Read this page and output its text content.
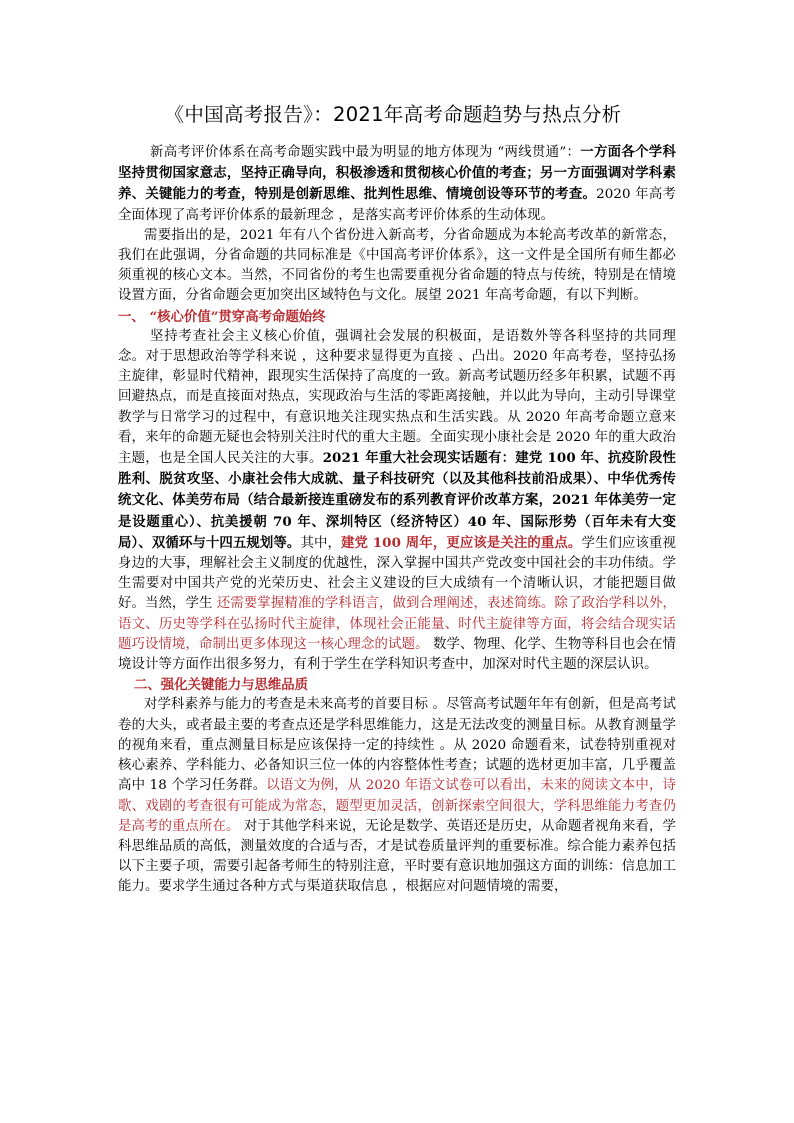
《中国高考报告》：2021年高考命题趋势与热点分析

新高考评价体系在高考命题实践中最为明显的地方体现为 “两线贯通”：一方面各个学科坚持贯彻国家意志，坚持正确导向，积极渗透和贯彻核心价值的考查；另一方面强调对学科素养、关键能力的考查，特别是创新思维、批判性思维、情境创设等环节的考查。2020 年高考全面体现了高考评价体系的最新理念 ，是落实高考评价体系的生动体现。

需要指出的是，2021 年有八个省份进入新高考，分省命题成为本轮高考改革的新常态，我们在此强调，分省命题的共同标准是《中国高考评价体系》，这一文件是全国所有师生都必须重视的核心文本。当然，不同省份的考生也需要重视分省命题的特点与传统，特别是在情境设置方面，分省命题会更加突出区域特色与文化。展望 2021 年高考命题，有以下判断。

一、 “核心价值”贯穿高考命题始终

坚持考查社会主义核心价值，强调社会发展的积极面，是语数外等各科坚持的共同理念。对于思想政治等学科来说 ，这种要求显得更为直接 、凸出。2020 年高考卷，坚持弘扬主旋律，彰显时代精神，跟现实生活保持了高度的一致。新高考试题历经多年积累，试题不再回避热点，而是直接面对热点，实现政治与生活的零距离接触，并以此为导向，主动引导课堂教学与日常学习的过程中，有意识地关注现实热点和生活实践。从 2020 年高考命题立意来看，来年的命题无疑也会特别关注时代的重大主题。全面实现小康社会是 2020 年的重大政治主题，也是全国人民关注的大事。2021 年重大社会现实话题有：建党 100 年、抗疫阶段性胜利、脱贫攻坚、小康社会伟大成就、量子科技研究（以及其他科技前沿成果）、中华优秀传统文化、体美劳布局（结合最新接连重磅发布的系列教育评价改革方案，2021 年体美劳一定是设题重心）、抗美援朝 70 年、深圳特区（经济特区）40 年、国际形势（百年未有大变局）、双循环与十四五规划等。其中，建党 100 周年，更应该是关注的重点。学生们应该重视身边的大事，理解社会主义制度的优越性，深入掌握中国共产党改变中国社会的丰功伟绩。学生需要对中国共产党的光荣历史、社会主义建设的巨大成绩有一个清晰认识，才能把题目做好。当然，学生 还需要掌握精准的学科语言，做到合理阐述，表述简练。除了政治学科以外，语文、历史等学科在弘扬时代主旋律，体现社会正能量、时代主旋律等方面，将会结合现实话题巧设情境，命制出更多体现这一核心理念的试题。 数学、物理、化学、生物等科目也会在情境设计等方面作出很多努力，有利于学生在学科知识考查中，加深对时代主题的深层认识。

二、强化关键能力与思维品质

对学科素养与能力的考查是未来高考的首要目标 。尽管高考试题年年有创新，但是高考试卷的大头，或者最主要的考查点还是学科思维能力，这是无法改变的测量目标。从教育测量学的视角来看，重点测量目标是应该保持一定的持续性 。从 2020 命题看来，试卷特别重视对核心素养、学科能力、必备知识三位一体的内容整体性考查；试题的选材更加丰富，几乎覆盖高中 18 个学习任务群。以语文为例，从 2020 年语文试卷可以看出，未来的阅读文本中，诗歌、戏剧的考查很有可能成为常态，题型更加灵活，创新探索空间很大，学科思维能力考查仍是高考的重点所在。 对于其他学科来说，无论是数学、英语还是历史，从命题者视角来看，学科思维品质的高低，测量效度的合适与否，才是试卷质量评判的重要标准。综合能力素养包括以下主要子项，需要引起备考师生的特别注意，平时要有意识地加强这方面的训练：信息加工能力。要求学生通过各种方式与渠道获取信息 ，根据应对问题情境的需要，
